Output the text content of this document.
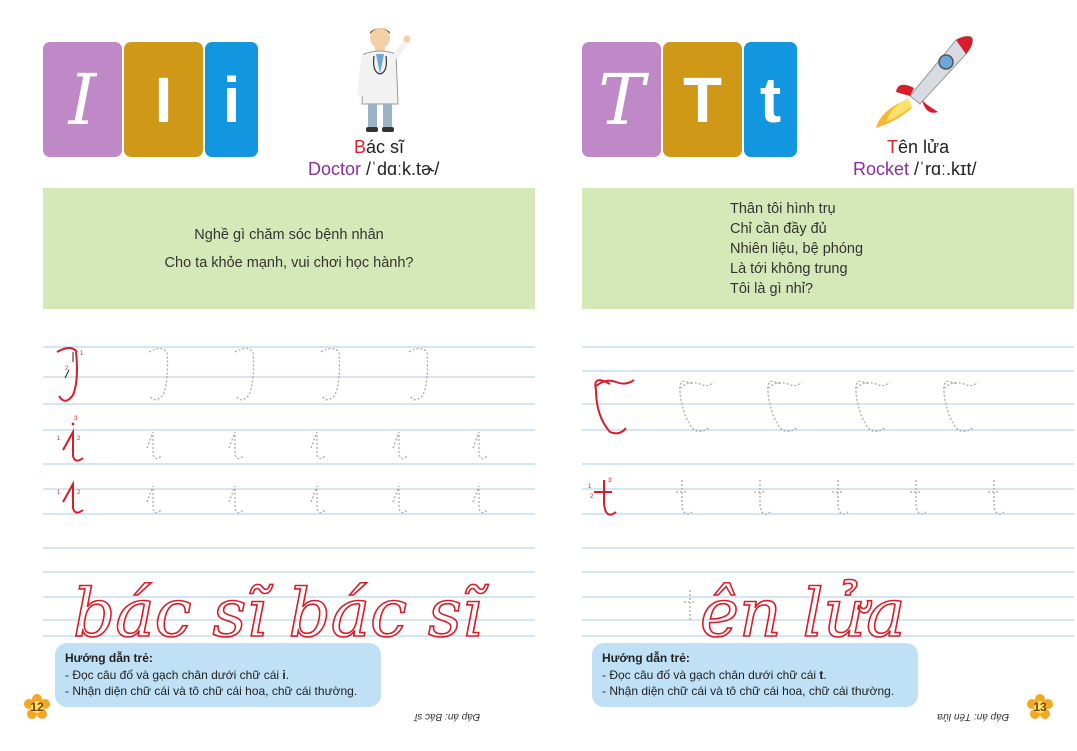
I I i
Bác sĩ
Doctor /ˈdɑːk.tɚ/
Nghề gì chăm sóc bệnh nhân
Cho ta khỏe mạnh, vui chơi học hành?
1
2
1	2
3
1	2
bác sĩ bác sĩ
Hướng dẫn trẻ:
- Đọc câu đố và gạch chân dưới chữ cái i.
- Nhận diện chữ cái và tô chữ cái hoa, chữ cái thường.
12
Đáp án: Bác sĩ
T T t
Tên lửa
Rocket /ˈrɑː.kɪt/
Thân tôi hình trụ
Chỉ cần đầy đủ
Nhiên liệu, bệ phóng
Là tới không trung
Tôi là gì nhỉ?
1
3
2
ên lửa
Hướng dẫn trẻ:
- Đọc câu đố và gạch chân dưới chữ cái t.
- Nhận diện chữ cái và tô chữ cái hoa, chữ cái thường.
Đáp án: Tên lửa
13
